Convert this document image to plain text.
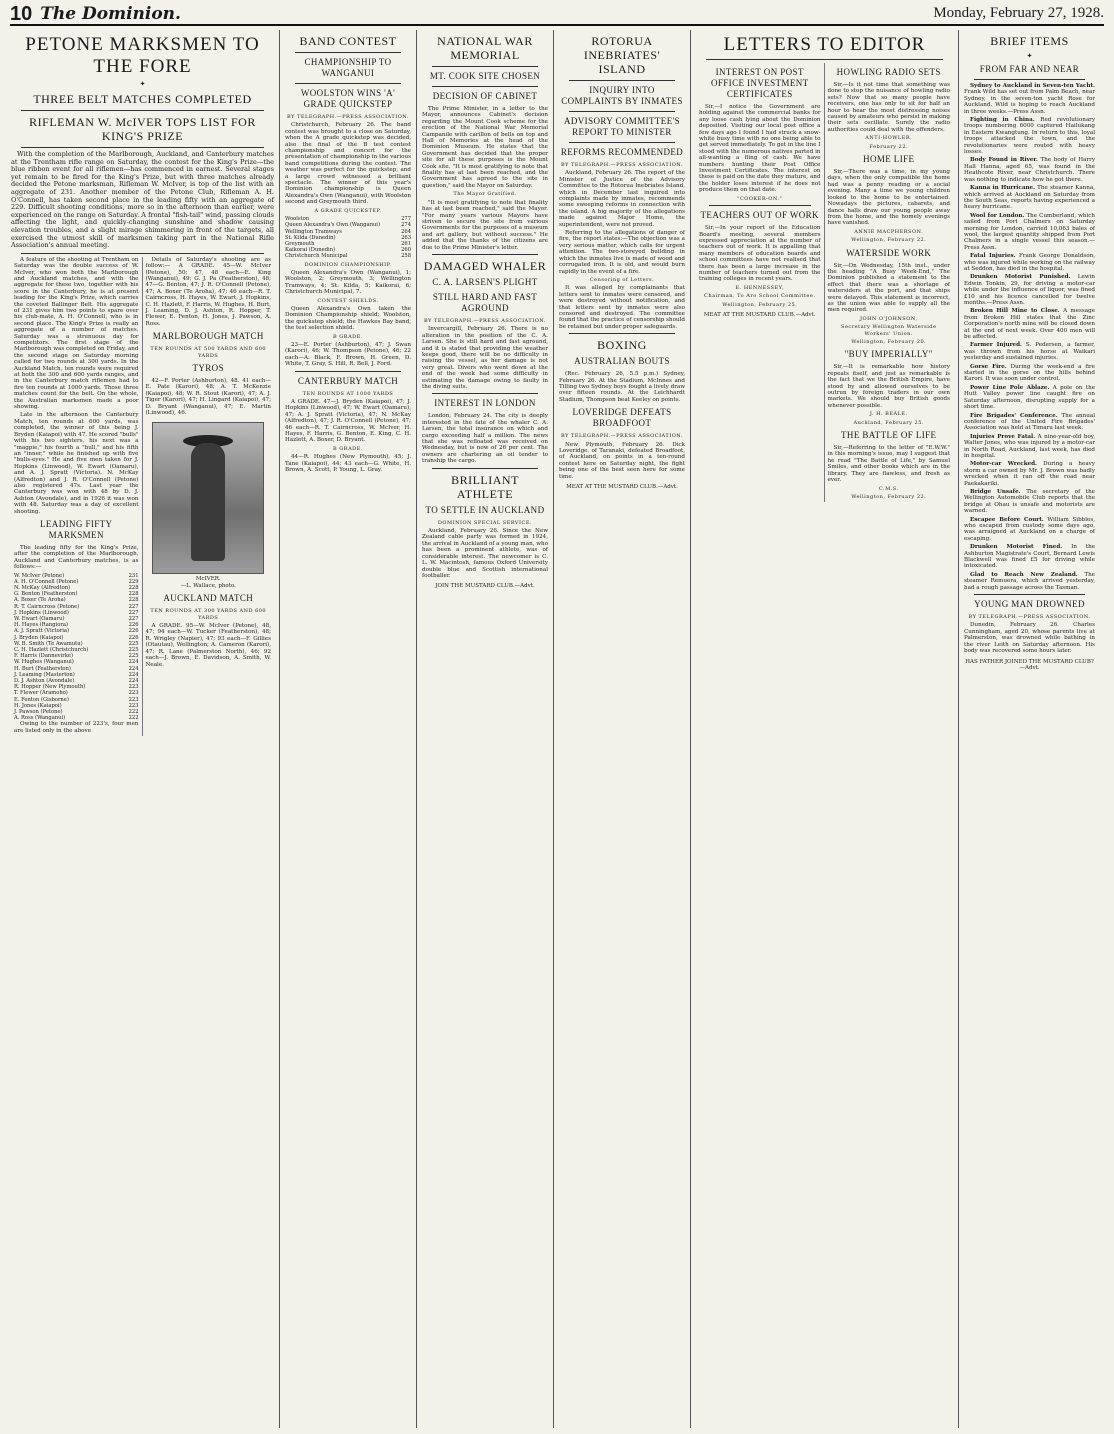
10 The Dominion.	Monday, February 27, 1928.
PETONE MARKSMEN TO THE FORE
✦
THREE BELT MATCHES COMPLETED
RIFLEMAN W. McIVER TOPS LIST FOR KING'S PRIZE

With the completion of the Marlborough, Auckland, and Canterbury matches at the Trentham rifle range on Saturday, the contest for the King's Prize—the blue ribbon event for all riflemen—has commenced in earnest. Several stages yet remain to be fired for the King's Prize, but with three matches already decided the Petone marksman, Rifleman W. McIver, is top of the list with an aggregate of 231. Another member of the Petone Club, Rifleman A. H. O'Connell, has taken second place in the leading fifty with an aggregate of 229. Difficult shooting conditions, more so in the afternoon than earlier, were experienced on the range on Saturday. A frontal "fish-tail" wind, passing clouds affecting the light, and quickly-changing sunshine and shadow causing elevation troubles, and a slight mirage shimmering in front of the targets, all exercised the utmost skill of marksmen taking part in the National Rifle Association's annual meeting.

A feature of the shooting at Trentham on Saturday was the double success of W. McIver, who won both the Marlborough and Auckland matches, and with the aggregate for these two, together with his score in the Canterbury, he is at present leading for the King's Prize, which carries the coveted Ballinger Belt. His aggregate of 231 gives him two points to spare over his club-mate, A. H. O'Connell, who is in second place. The King's Prize is really an aggregate of a number of matches. Saturday was a strenuous day for competitors. The first stage of the Marlborough was completed on Friday, and the second stage on Saturday morning called for two rounds at 300 yards. In the Auckland Match, ten rounds were required at both the 300 and 600 yards ranges, and in the Canterbury match riflemen had to fire ten rounds at 1000 yards. Those three matches count for the belt. On the whole, the Australian marksmen made a poor showing.

Late in the afternoon the Canterbury Match, ten rounds at 600 yards, was completed, the winner of this being J. Bryden (Kaiapoi) with 47. He scored "bulls" with his two sighters, his next was a "magpie," his fourth a "bull," and his fifth an "inner," while he finished up with five "bulls-eyes." He and five men taken for J. Hopkins (Linwood), W. Ewart (Oamaru), and A. J. Spratt (Victoria). N. McKay (Alfredton) and J. R. O'Connell (Petone) also registered 47s. Last year the Canterbury was won with 48 by D. J. Ashton (Avondale), and in 1926 it was won with 48. Saturday was a day of excellent shooting.

LEADING FIFTY MARKSMEN

The leading fifty for the King's Prize, after the completion of the Marlborough, Auckland and Canterbury matches, is as follows:—

W. McIver (Petone)	231
A. H. O'Connell (Petone)	229
N. McKay (Alfredton)	228
G. Benton (Featherston)	228
A. Boxer (Te Aroha)	228
R. T. Cairncross (Petone)	227
J. Hopkins (Linwood)	227
W. Ewart (Oamaru)	227
H. Hayes (Rangiora)	226
A. J. Spratt (Victoria)	226
J. Bryden (Kaiapoi)	226
W. B. Smith (Te Awamutu)	225
C. H. Hazlett (Christchurch)	225
F. Harris (Dannevirke)	225
W. Hughes (Wanganui)	224
H. Burt (Featherston)	224
J. Leaming (Masterton)	224
D. J. Ashton (Avondale)	224
R. Hopper (New Plymouth)	223
T. Flewer (Aramoho)	223
E. Fenton (Gisborne)	223
H. Jones (Kaiapoi)	223
J. Pawson (Petone)	222
A. Ross (Wanganui)	222

Owing to the number of 223's, four men are listed only in the above

Details of Saturday's shooting are as follow:— A GRADE. 45—W. McIver (Petone), 50; 47, 48 each—E. King (Wanganui), 49; G. J. Pa (Featherston), 48; 47—G. Benton, 47; J. R. O'Connell (Petone), 47; A. Boxer (Te Aroha), 47; 46 each—R. T. Cairncross, H. Hayes, W. Ewart, J. Hopkins, C. H. Hazlett, F. Harris, W. Hughes, H. Burt, J. Leaming, D. J. Ashton, R. Hopper, T. Flewer, E. Fenton, H. Jones, J. Pawson, A. Ross.

MARLBOROUGH MATCH
TEN ROUNDS AT 500 YARDS AND 600 YARDS
TYROS

42—F. Porter (Ashburton), 48. 41 each—E. Pate (Karori), 48; A. T. McKenzie (Kaiapoi), 48; W. R. Stout (Karori), 47; A. J. Tiger (Karori), 47; H. Lingard (Kaiapoi), 47; D. Bryant (Wanganui), 47; E. Martin (Linwood), 46.

McIVER.
—L. Wallace, photo.
AUCKLAND MATCH
TEN ROUNDS AT 300 YARDS AND 600 YARDS

A GRADE. 95—W. McIver (Petone), 48, 47; 94 each—W. Tucker (Featherston), 48; R. Wrigley (Napier), 47; 93 each—F. Gillies (Otautau), Wellington; A. Cameron (Karori), 47; R. Lane (Palmerston North), 46; 92 each—J. Brown, E. Davidson, A. Smith, W. Neale.

BAND CONTEST
CHAMPIONSHIP TO WANGANUI
WOOLSTON WINS 'A' GRADE QUICKSTEP
BY TELEGRAPH.—PRESS ASSOCIATION.

Christchurch, February 26. The band contest was brought to a close on Saturday, when the A grade quickstep was decided, also the final of the B test contest championship and concert for the presentation of championship in the various band competitions during the contest. The weather was perfect for the quickstep, and a large crowd witnessed a brilliant spectacle. The winner of this year's Dominion championship is Queen Alexandra's Own (Wanganui), with Woolston second and Greymouth third.

A GRADE QUICKSTEP.
Woolston	277
Queen Alexandra's Own (Wanganui)	274
Wellington Tramways	264
St. Kilda (Dunedin)	263
Greymouth	261
Kaikorai (Dunedin)	260
Christchurch Municipal	258
DOMINION CHAMPIONSHIP.

Queen Alexandra's Own (Wanganui), 1; Woolston, 2; Greymouth, 3; Wellington Tramways, 4; St. Kilda, 5; Kaikorai, 6; Christchurch Municipal, 7.

CONTEST SHIELDS.

Queen Alexandra's Own taken the Dominion Championship shield; Woolston, the quickstep shield; the Hawkes Bay band, the test selection shield.

B GRADE.

23—E. Porter (Ashburton), 47; J. Swan (Karori), 46; W. Thompson (Petone), 46; 22 each—A. Black, F. Brown, H. Green, D. White, T. Gray, S. Hill, R. Bell, J. Ford.

CANTERBURY MATCH
TEN ROUNDS AT 1000 YARDS

A GRADE. 47—J. Bryden (Kaiapoi), 47; J. Hopkins (Linwood), 47; W. Ewart (Oamaru), 47; A. J. Spratt (Victoria), 47; N. McKay (Alfredton), 47; J. R. O'Connell (Petone), 47; 46 each—R. T. Cairncross, W. McIver, H. Hayes, F. Harris, G. Benton, E. King, C. H. Hazlett, A. Boxer, D. Bryant.

B GRADE.

44—R. Hughes (New Plymouth), 45; J. Tane (Kaiapoi), 44; 43 each—G. White, H. Brown, A. Scott, P. Young, L. Gray.

NATIONAL WAR MEMORIAL
MT. COOK SITE CHOSEN
DECISION OF CABINET

The Prime Minister, in a letter to the Mayor, announces Cabinet's decision regarding the Mount Cook scheme for the erection of the National War Memorial Campanile with carillon of bells on top and Hall of Memories at the head of the Dominion Museum. He states that the Government has decided that the proper site for all these purposes is the Mount Cook site. "It is most gratifying to note that finality has at last been reached, and the Government has agreed to the site in question," said the Mayor on Saturday.

The Mayor Gratified.

"It is most gratifying to note that finality has at last been reached," said the Mayor. "For many years various Mayors have striven to secure the site from various Governments for the purposes of a museum and art gallery, but without success." He added that the thanks of the citizens are due to the Prime Minister's letter.

DAMAGED WHALER
C. A. LARSEN'S PLIGHT
STILL HARD AND FAST AGROUND
BY TELEGRAPH.—PRESS ASSOCIATION.

Invercargill, February 26. There is no alteration in the position of the C. A. Larsen. She is still hard and fast aground, and it is stated that providing the weather keeps good, there will be no difficulty in raising the vessel, as her damage is not very great. Divers who went down at the end of the week had some difficulty in estimating the damage owing to faulty in the diving suits.

INTEREST IN LONDON

London, February 24. The city is deeply interested in the fate of the whaler C. A. Larsen, the total insurance on which and cargo exceeding half a million. The news that she was refloated was received on Wednesday, but is now of 26 per cent. The owners are chartering an oil tender to tranship the cargo.

BRILLIANT ATHLETE
TO SETTLE IN AUCKLAND
DOMINION SPECIAL SERVICE.

Auckland, February 26. Since the New Zealand cable party was formed in 1924, the arrival in Auckland of a young man, who has been a prominent athlete, was of considerable interest. The newcomer is C. L. W. Macintosh, famous Oxford University double blue and Scottish international footballer.

JOIN THE MUSTARD CLUB.—Advt.
ROTORUA INEBRIATES' ISLAND
INQUIRY INTO COMPLAINTS BY INMATES
ADVISORY COMMITTEE'S REPORT TO MINISTER
REFORMS RECOMMENDED
BY TELEGRAPH.—PRESS ASSOCIATION.

Auckland, February 26. The report of the Minister of Justice of the Advisory Committee to the Rotorua Inebriates Island, which in December last inquired into complaints made by inmates, recommends some sweeping reforms in connection with the island. A big majority of the allegations made against Major Home, the superintendent, were not proved.

Referring to the allegations of danger of fire, the report states:—The objection was a very serious matter, which calls for urgent attention. The two-storeyed building in which the inmates live is made of wood and corrugated iron. It is old, and would burn rapidly in the event of a fire.

Censoring of Letters.

It was alleged by complainants that letters sent to inmates were censored, and were destroyed without notification, and that letters sent by inmates were also censored and destroyed. The committee found that the practice of censorship should be retained but under proper safeguards.

BOXING
AUSTRALIAN BOUTS

(Rec. February 26, 5.5 p.m.) Sydney, February 26. At the Stadium, McInnes and Tilling two Sydney boys fought a lively draw over fifteen rounds. At the Leichhardt Stadium, Thompson beat Keeley on points.

LOVERIDGE DEFEATS BROADFOOT
BY TELEGRAPH.—PRESS ASSOCIATION.

New Plymouth, February 26. Dick Loveridge, of Taranaki, defeated Broadfoot, of Auckland, on points in a ten-round contest here on Saturday night, the fight being one of the best seen here for some time.

MEAT AT THE MUSTARD CLUB.—Advt.
LETTERS TO EDITOR
INTEREST ON POST OFFICE INVESTMENT CERTIFICATES

Sir,—I notice the Government are holding against the commercial banks for any loose cash lying about the Dominion deposited. Visiting our local post office a few days ago I found I had struck a snow-white busy time with no one being able to get served immediately. To get in the line I stood with the numerous natives parted in all-wanting a fling of cash. We have numbers hunting their Post Office Investment Certificates. The interest on these is paid on the date they mature, and the holder loses interest if he does not produce them on that date.

"COOKER-ON."
TEACHERS OUT OF WORK

Sir,—In your report of the Education Board's meeting, several members expressed appreciation at the number of teachers out of work. It is appalling that many members of education boards and school committees have not realised that there has been a large increase in the number of teachers turned out from the training colleges in recent years.

E. HENNESSEY,
Chairman, To Aro School Committee.
Wellington, February 25.
MEAT AT THE MUSTARD CLUB.—Advt.
HOWLING RADIO SETS

Sir,—Is it not time that something was done to stop the nuisance of howling radio sets? Now that so many people have receivers, one has only to sit for half an hour to hear the most distressing noises caused by amateurs who persist in making their sets oscillate. Surely the radio authorities could deal with the offenders.

ANTI-HOWLER.
February 22.
HOME LIFE

Sir,—There was a time, in my young days, when the only compatible the home had was a penny reading or a social evening. Many a time we young children looked to the home to be entertained. Nowadays the pictures, cabarets, and dance halls draw our young people away from the home, and the homely evenings have vanished.

ANNIE MACPHERSON.
Wellington, February 22.
WATERSIDE WORK

Sir,—On Wednesday, 15th inst., under the heading "A Busy Week-End," The Dominion published a statement to the effect that there was a shortage of watersiders at the port, and that ships were delayed. This statement is incorrect, as the union was able to supply all the men required.

JOHN O'JOHNSON,
Secretary Wellington Waterside Workers' Union.
Wellington, February 20.
"BUY IMPERIALLY"

Sir,—It is remarkable how history repeats itself, and just as remarkable is the fact that we the British Empire, have stood by and allowed ourselves to be outrun by foreign traders in our own markets. We should buy British goods whenever possible.

J. H. BEALE.
Auckland, February 25.
THE BATTLE OF LIFE

Sir,—Referring to the letter of "E.W.W." in this morning's issue, may I suggest that he read "The Battle of Life," by Samuel Smiles, and other books which are in the library. They are flawless, and fresh as ever.

C.M.S.
Wellington, February 22.
BRIEF ITEMS
✦
FROM FAR AND NEAR

Sydney to Auckland in Seven-ten Yacht. Frank Wild has set out from Palm Beach, near Sydney, in the seven-ton yacht Rose for Auckland. Wild is hoping to reach Auckland in three weeks.—Press Assn.

Fighting in China. Red revolutionary troops numbering 6000 captured Hailukang in Eastern Kwangtung. In return to this, loyal troops attacked the town, and the revolutionaries were routed with heavy losses.

Body Found in River. The body of Harry Hall Hanna, aged 65, was found in the Heathcote River, near Christchurch. There was nothing to indicate how he got there.

Kanna in Hurricane. The steamer Kanna, which arrived at Auckland on Saturday from the South Seas, reports having experienced a heavy hurricane.

Wool for London. The Cumberland, which sailed from Port Chalmers on Saturday morning for London, carried 10,063 bales of wool, the largest quantity shipped from Port Chalmers in a single vessel this season.—Press Assn.

Fatal Injuries. Frank George Donaldson, who was injured while working on the railway at Seddon, has died in the hospital.

Drunken Motorist Punished. Lewin Edwin Tonkin, 29, for driving a motor-car while under the influence of liquor, was fined £10 and his licence cancelled for twelve months.—Press Assn.

Broken Hill Mine to Close. A message from Broken Hill states that the Zinc Corporation's north mine will be closed down at the end of next week. Over 400 men will be affected.

Farmer Injured. S. Pedersen, a farmer, was thrown from his horse at Waikari yesterday and sustained injuries.

Gorse Fire. During the week-end a fire started in the gorse on the hills behind Karori. It was soon under control.

Power Line Pole Ablaze. A pole on the Hutt Valley power line caught fire on Saturday afternoon, disrupting supply for a short time.

Fire Brigades' Conference. The annual conference of the United Fire Brigades' Association was held at Timaru last week.

Injuries Prove Fatal. A nine-year-old boy, Walter Jones, who was injured by a motor-car in North Road, Auckland, last week, has died in hospital.

Motor-car Wrecked. During a heavy storm a car owned by Mr. J. Brown was badly wrecked when it ran off the road near Paekakariki.

Bridge Unsafe. The secretary of the Wellington Automobile Club reports that the bridge at Ohau is unsafe and motorists are warned.

Escapee Before Court. William Sibbles, who escaped from custody some days ago, was arraigned at Auckland on a charge of escaping.

Drunken Motorist Fined. In the Ashburton Magistrate's Court, Bernard Lewis Blackwell was fined £5 for driving while intoxicated.

Glad to Reach New Zealand. The steamer Remuera, which arrived yesterday, had a rough passage across the Tasman.

YOUNG MAN DROWNED
BY TELEGRAPH.—PRESS ASSOCIATION.

Dunedin, February 26. Charles Cunningham, aged 20, whose parents live at Palmerston, was drowned while bathing in the river Leith on Saturday afternoon. His body was recovered some hours later.

HAS FATHER JOINED THE MUSTARD CLUB?—Advt.
